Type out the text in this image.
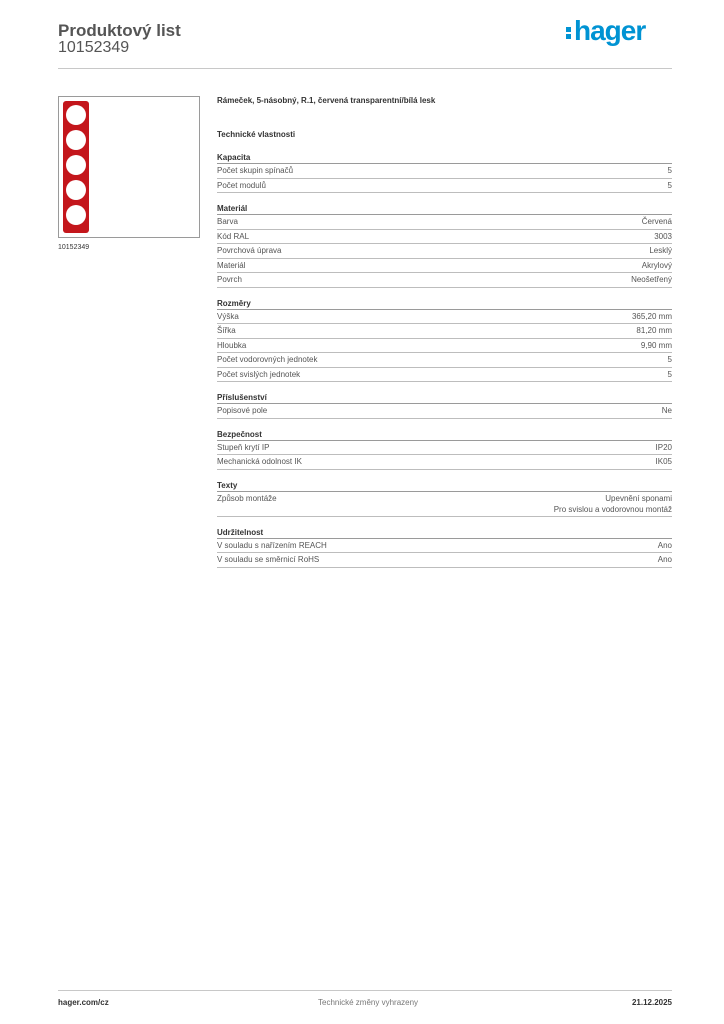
Produktový list
10152349
hager
10152349
Rámeček, 5-násobný, R.1, červená transparentní/bílá lesk
Technické vlastnosti
Kapacita
Počet skupin spínačů	5
Počet modulů	5
Materiál
Barva	Červená
Kód RAL	3003
Povrchová úprava	Lesklý
Materiál	Akrylový
Povrch	Neošetřený
Rozměry
Výška	365,20 mm
Šířka	81,20 mm
Hloubka	9,90 mm
Počet vodorovných jednotek	5
Počet svislých jednotek	5
Příslušenství
Popisové pole	Ne
Bezpečnost
Stupeň krytí IP	IP20
Mechanická odolnost IK	IK05
Texty
Způsob montáže	Upevnění sponami
Pro svislou a vodorovnou montáž
Udržitelnost
V souladu s nařízením REACH	Ano
V souladu se směrnicí RoHS	Ano
hager.com/cz	Technické změny vyhrazeny	21.12.2025
